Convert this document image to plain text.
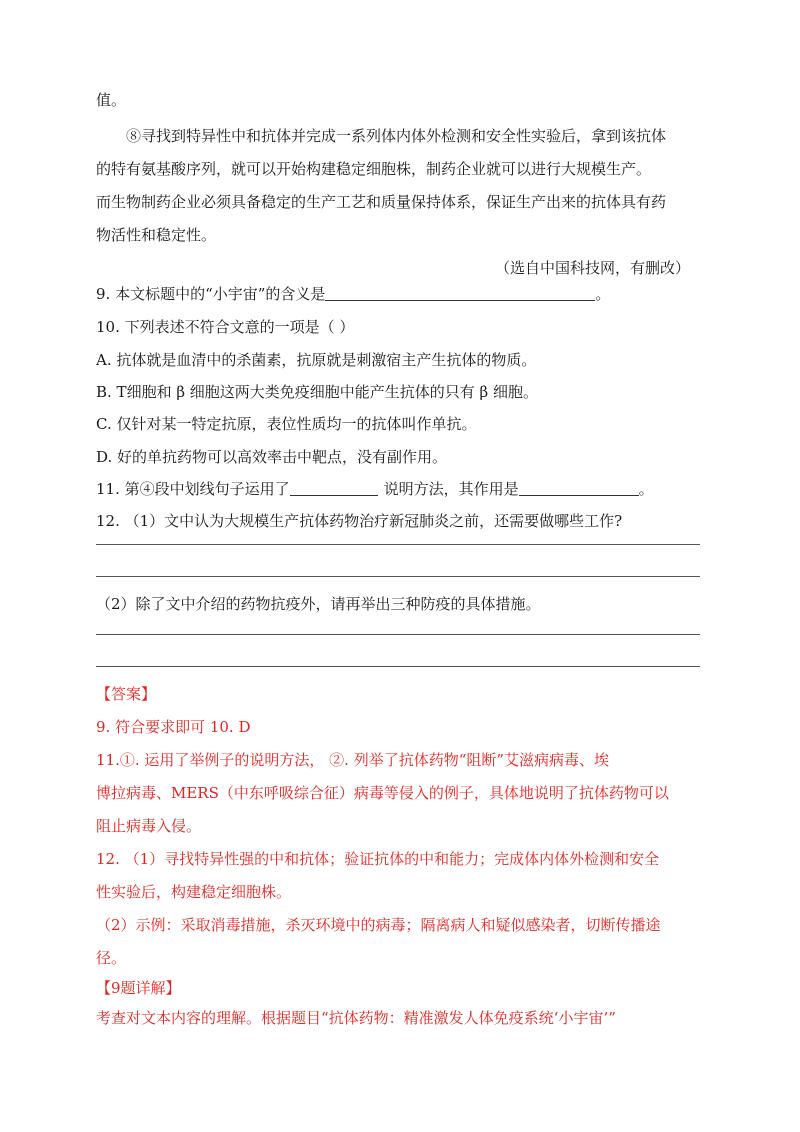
值。
⑧寻找到特异性中和抗体并完成一系列体内体外检测和安全性实验后，拿到该抗体
的特有氨基酸序列，就可以开始构建稳定细胞株，制药企业就可以进行大规模生产。
而生物制药企业必须具备稳定的生产工艺和质量保持体系，保证生产出来的抗体具有药
物活性和稳定性。
（选自中国科技网，有删改）
9. 本文标题中的“小宇宙”的含义是	。
10. 下列表述不符合文意的一项是（ ）
A. 抗体就是血清中的杀菌素，抗原就是刺激宿主产生抗体的物质。
B. T细胞和 β 细胞这两大类免疫细胞中能产生抗体的只有 β 细胞。
C. 仅针对某一特定抗原，表位性质均一的抗体叫作单抗。
D. 好的单抗药物可以高效率击中靶点，没有副作用。
11. 第④段中划线句子运用了	说明方法，其作用是	。
12. （1）文中认为大规模生产抗体药物治疗新冠肺炎之前，还需要做哪些工作?
（2）除了文中介绍的药物抗疫外，请再举出三种防疫的具体措施。
【答案】
9. 符合要求即可 10. D
11.①. 运用了举例子的说明方法， ②. 列举了抗体药物“阻断”艾滋病病毒、埃
博拉病毒、MERS（中东呼吸综合征）病毒等侵入的例子，具体地说明了抗体药物可以
阻止病毒入侵。
12. （1）寻找特异性强的中和抗体；验证抗体的中和能力；完成体内体外检测和安全
性实验后，构建稳定细胞株。
（2）示例：采取消毒措施，杀灭环境中的病毒；隔离病人和疑似感染者，切断传播途
径。
【9题详解】
考查对文本内容的理解。根据题目“抗体药物：精准激发人体免疫系统‘小宇宙’”
